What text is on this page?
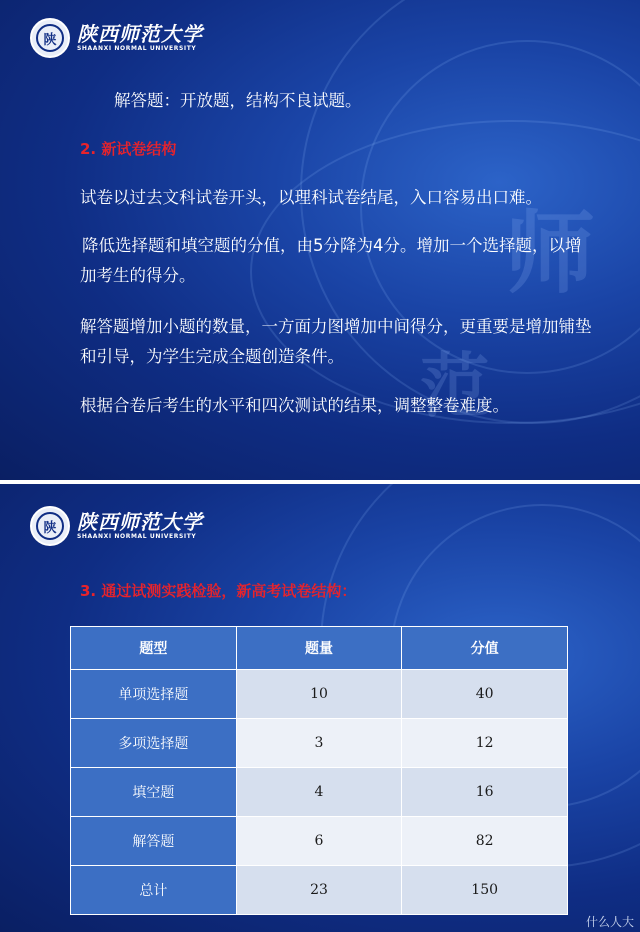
师
范
陕	陕西师范大学
SHAANXI NORMAL UNIVERSITY
解答题：开放题，结构不良试题。
2. 新试卷结构
试卷以过去文科试卷开头，以理科试卷结尾，入口容易出口难。
降低选择题和填空题的分值，由5分降为4分。增加一个选择题，以增加考生的得分。
解答题增加小题的数量，一方面力图增加中间得分，更重要是增加铺垫和引导，为学生完成全题创造条件。
根据合卷后考生的水平和四次测试的结果，调整整卷难度。
陕	陕西师范大学
SHAANXI NORMAL UNIVERSITY
3. 通过试测实践检验，新高考试卷结构：
题型	题量	分值
单项选择题	10	40
多项选择题	3	12
填空题	4	16
解答题	6	82
总计	23	150
什么人大
